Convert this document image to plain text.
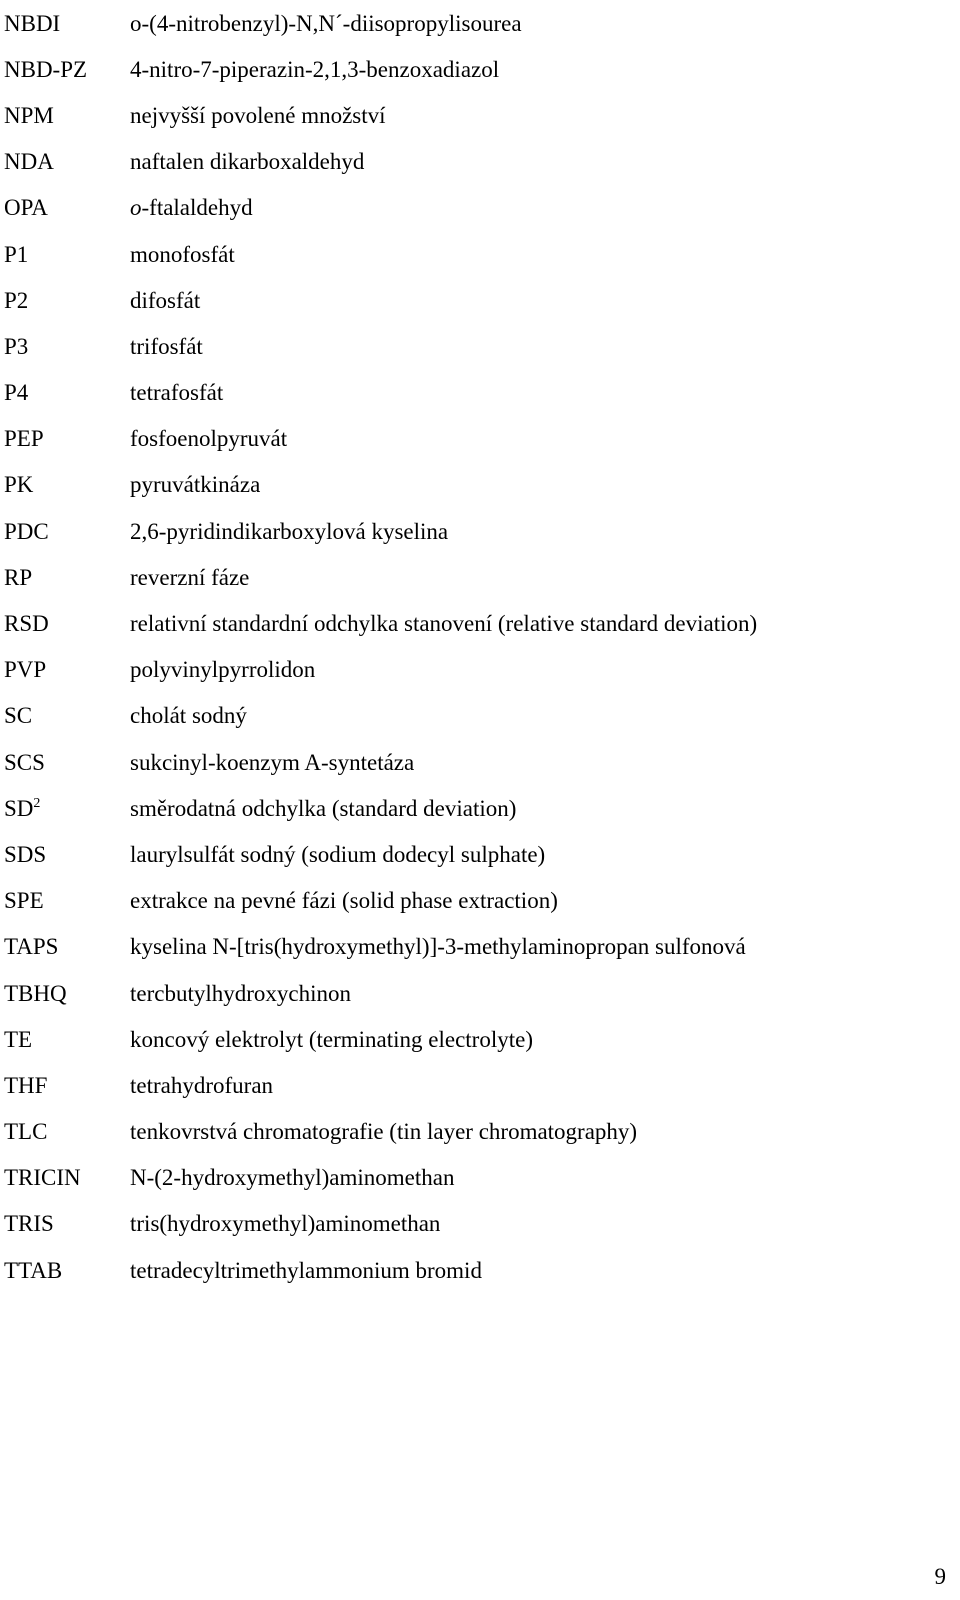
NBDI	o-(4-nitrobenzyl)-N,N´-diisopropylisourea
NBD-PZ	4-nitro-7-piperazin-2,1,3-benzoxadiazol
NPM	nejvyšší povolené množství
NDA	naftalen dikarboxaldehyd
OPA	o-ftalaldehyd
P1	monofosfát
P2	difosfát
P3	trifosfát
P4	tetrafosfát
PEP	fosfoenolpyruvát
PK	pyruvátkináza
PDC	2,6-pyridindikarboxylová kyselina
RP	reverzní fáze
RSD	relativní standardní odchylka stanovení (relative standard deviation)
PVP	polyvinylpyrrolidon
SC	cholát sodný
SCS	sukcinyl-koenzym A-syntetáza
$SD^2$	směrodatná odchylka (standard deviation)
SDS	laurylsulfát sodný (sodium dodecyl sulphate)
SPE	extrakce na pevné fázi (solid phase extraction)
TAPS	kyselina N-[tris(hydroxymethyl)]-3-methylaminopropan sulfonová
TBHQ	tercbutylhydroxychinon
TE	koncový elektrolyt (terminating electrolyte)
THF	tetrahydrofuran
TLC	tenkovrstvá chromatografie (tin layer chromatography)
TRICIN	N-(2-hydroxymethyl)aminomethan
TRIS	tris(hydroxymethyl)aminomethan
TTAB	tetradecyltrimethylammonium bromid
9
